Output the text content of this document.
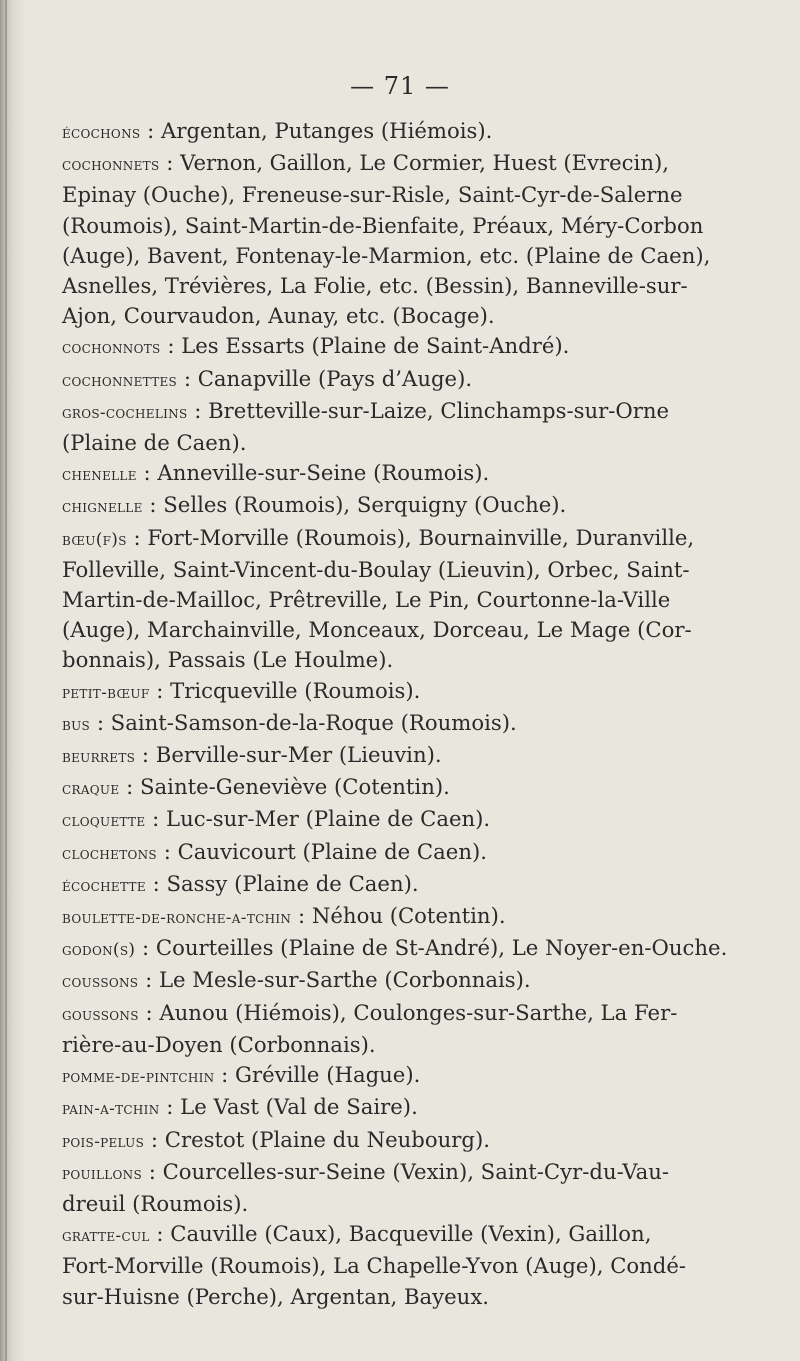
— 71 —
écochons : Argentan, Putanges (Hiémois).
cochonnets : Vernon, Gaillon, Le Cormier, Huest (Evrecin),
Epinay (Ouche), Freneuse-sur-Risle, Saint-Cyr-de-Salerne
(Roumois), Saint-Martin-de-Bienfaite, Préaux, Méry-Corbon
(Auge), Bavent, Fontenay-le-Marmion, etc. (Plaine de Caen),
Asnelles, Trévières, La Folie, etc. (Bessin), Banneville-sur-
Ajon, Courvaudon, Aunay, etc. (Bocage).
cochonnots : Les Essarts (Plaine de Saint-André).
cochonnettes : Canapville (Pays d’Auge).
gros-cochelins : Bretteville-sur-Laize, Clinchamps-sur-Orne
(Plaine de Caen).
chenelle : Anneville-sur-Seine (Roumois).
chignelle : Selles (Roumois), Serquigny (Ouche).
bœu(f)s : Fort-Morville (Roumois), Bournainville, Duranville,
Folleville, Saint-Vincent-du-Boulay (Lieuvin), Orbec, Saint-
Martin-de-Mailloc, Prêtreville, Le Pin, Courtonne-la-Ville
(Auge), Marchainville, Monceaux, Dorceau, Le Mage (Cor-
bonnais), Passais (Le Houlme).
petit-bœuf : Tricqueville (Roumois).
bus : Saint-Samson-de-la-Roque (Roumois).
beurrets : Berville-sur-Mer (Lieuvin).
craque : Sainte-Geneviève (Cotentin).
cloquette : Luc-sur-Mer (Plaine de Caen).
clochetons : Cauvicourt (Plaine de Caen).
écochette : Sassy (Plaine de Caen).
boulette-de-ronche-a-tchin : Néhou (Cotentin).
godon(s) : Courteilles (Plaine de St-André), Le Noyer-en-Ouche.
coussons : Le Mesle-sur-Sarthe (Corbonnais).
goussons : Aunou (Hiémois), Coulonges-sur-Sarthe, La Fer-
rière-au-Doyen (Corbonnais).
pomme-de-pintchin : Gréville (Hague).
pain-a-tchin : Le Vast (Val de Saire).
pois-pelus : Crestot (Plaine du Neubourg).
pouillons : Courcelles-sur-Seine (Vexin), Saint-Cyr-du-Vau-
dreuil (Roumois).
gratte-cul : Cauville (Caux), Bacqueville (Vexin), Gaillon,
Fort-Morville (Roumois), La Chapelle-Yvon (Auge), Condé-
sur-Huisne (Perche), Argentan, Bayeux.
